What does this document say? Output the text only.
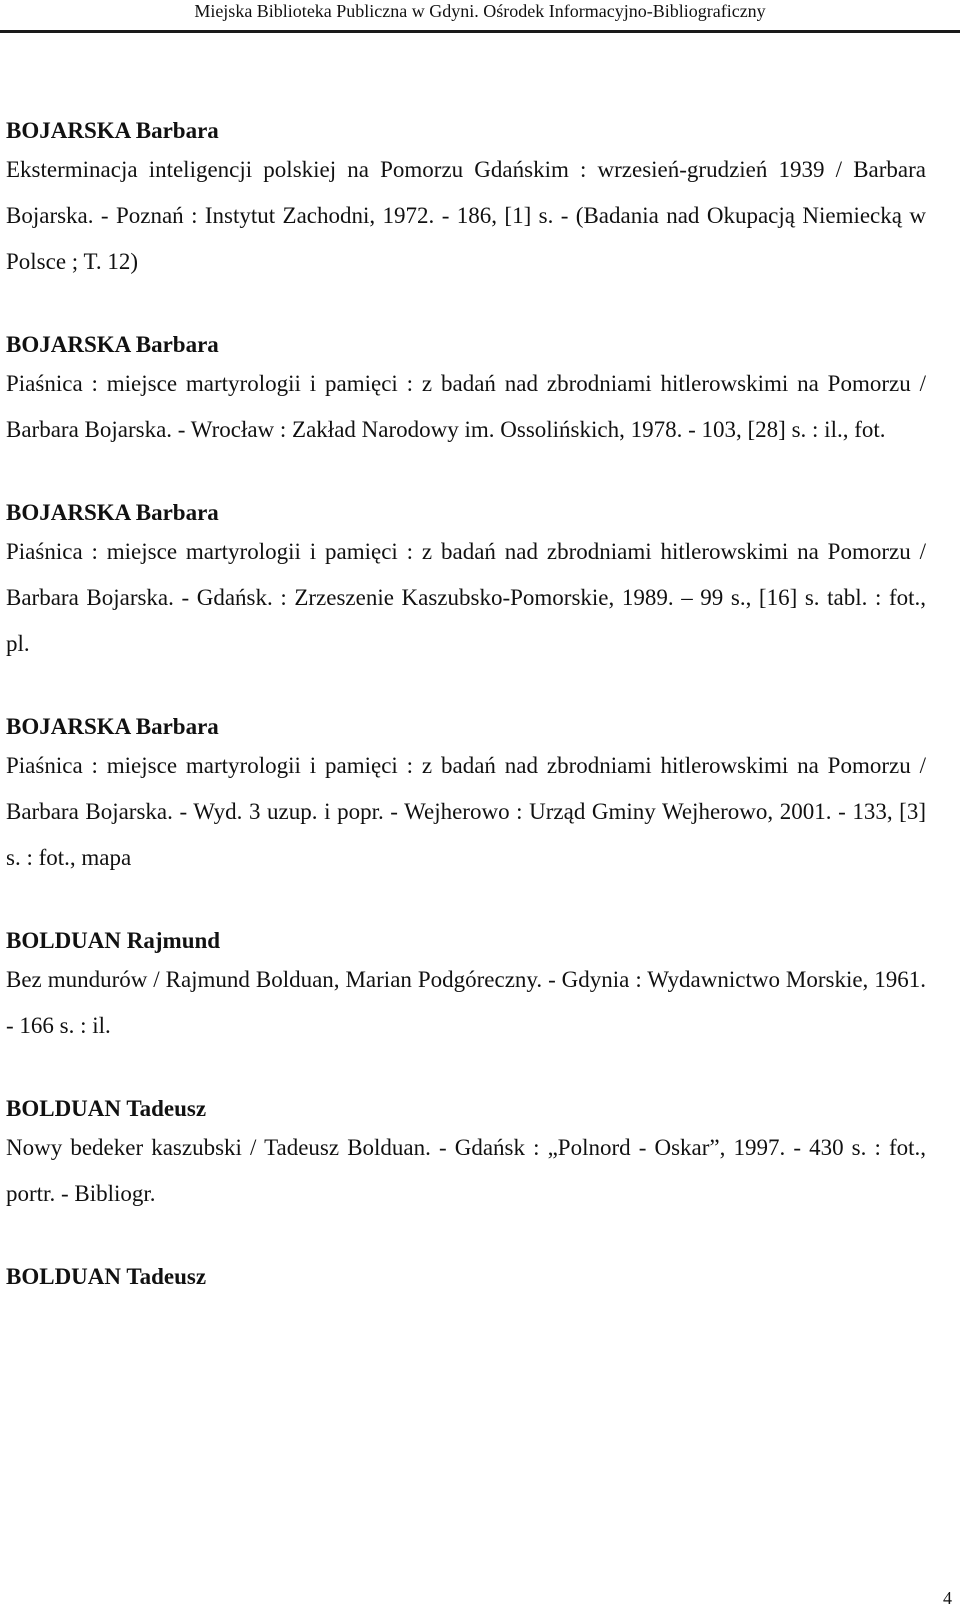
Miejska Biblioteka Publiczna w Gdyni. Ośrodek Informacyjno-Bibliograficzny
BOJARSKA Barbara

Eksterminacja inteligencji polskiej na Pomorzu Gdańskim : wrzesień-grudzień 1939 / Barbara Bojarska. - Poznań : Instytut Zachodni, 1972. - 186, [1] s. - (Badania nad Okupacją Niemiecką w Polsce ; T. 12)

BOJARSKA Barbara

Piaśnica : miejsce martyrologii i pamięci : z badań nad zbrodniami hitlerowskimi na Pomorzu / Barbara Bojarska. - Wrocław : Zakład Narodowy im. Ossolińskich, 1978. - 103, [28] s. : il., fot.

BOJARSKA Barbara

Piaśnica : miejsce martyrologii i pamięci : z badań nad zbrodniami hitlerowskimi na Pomorzu / Barbara Bojarska. - Gdańsk. : Zrzeszenie Kaszubsko-Pomorskie, 1989. – 99 s., [16] s. tabl. : fot., pl.

BOJARSKA Barbara

Piaśnica : miejsce martyrologii i pamięci : z badań nad zbrodniami hitlerowskimi na Pomorzu / Barbara Bojarska. - Wyd. 3 uzup. i popr. - Wejherowo : Urząd Gminy Wejherowo, 2001. - 133, [3] s. : fot., mapa

BOLDUAN Rajmund

Bez mundurów / Rajmund Bolduan, Marian Podgóreczny. - Gdynia : Wydawnictwo Morskie, 1961. - 166 s. : il.

BOLDUAN Tadeusz

Nowy bedeker kaszubski / Tadeusz Bolduan. - Gdańsk : „Polnord - Oskar”, 1997. - 430 s. : fot., portr. - Bibliogr.

BOLDUAN Tadeusz
4
